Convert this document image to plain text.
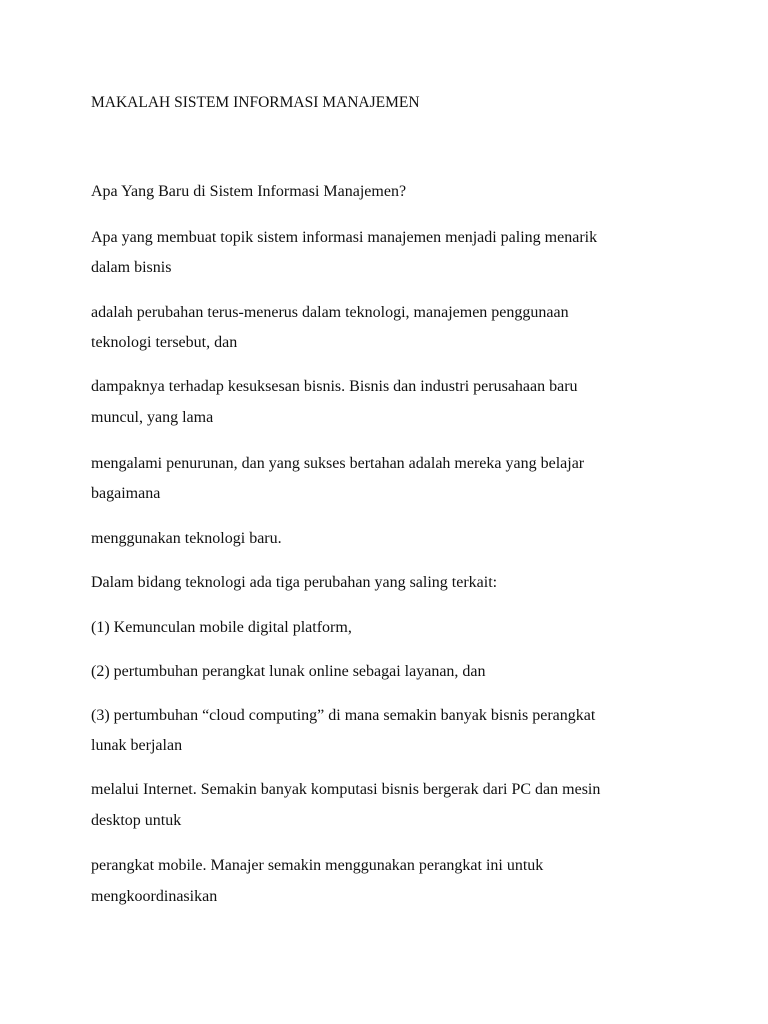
MAKALAH SISTEM INFORMASI MANAJEMEN

Apa Yang Baru di Sistem Informasi Manajemen?

Apa yang membuat topik sistem informasi manajemen menjadi paling menarik

dalam bisnis

adalah perubahan terus-menerus dalam teknologi, manajemen penggunaan

teknologi tersebut, dan

dampaknya terhadap kesuksesan bisnis. Bisnis dan industri perusahaan baru

muncul, yang lama

mengalami penurunan, dan yang sukses bertahan adalah mereka yang belajar

bagaimana

menggunakan teknologi baru.

Dalam bidang teknologi ada tiga perubahan yang saling terkait:

(1) Kemunculan mobile digital platform,

(2) pertumbuhan perangkat lunak online sebagai layanan, dan

(3) pertumbuhan “cloud computing” di mana semakin banyak bisnis perangkat

lunak berjalan

melalui Internet. Semakin banyak komputasi bisnis bergerak dari PC dan mesin

desktop untuk

perangkat mobile. Manajer semakin menggunakan perangkat ini untuk

mengkoordinasikan
